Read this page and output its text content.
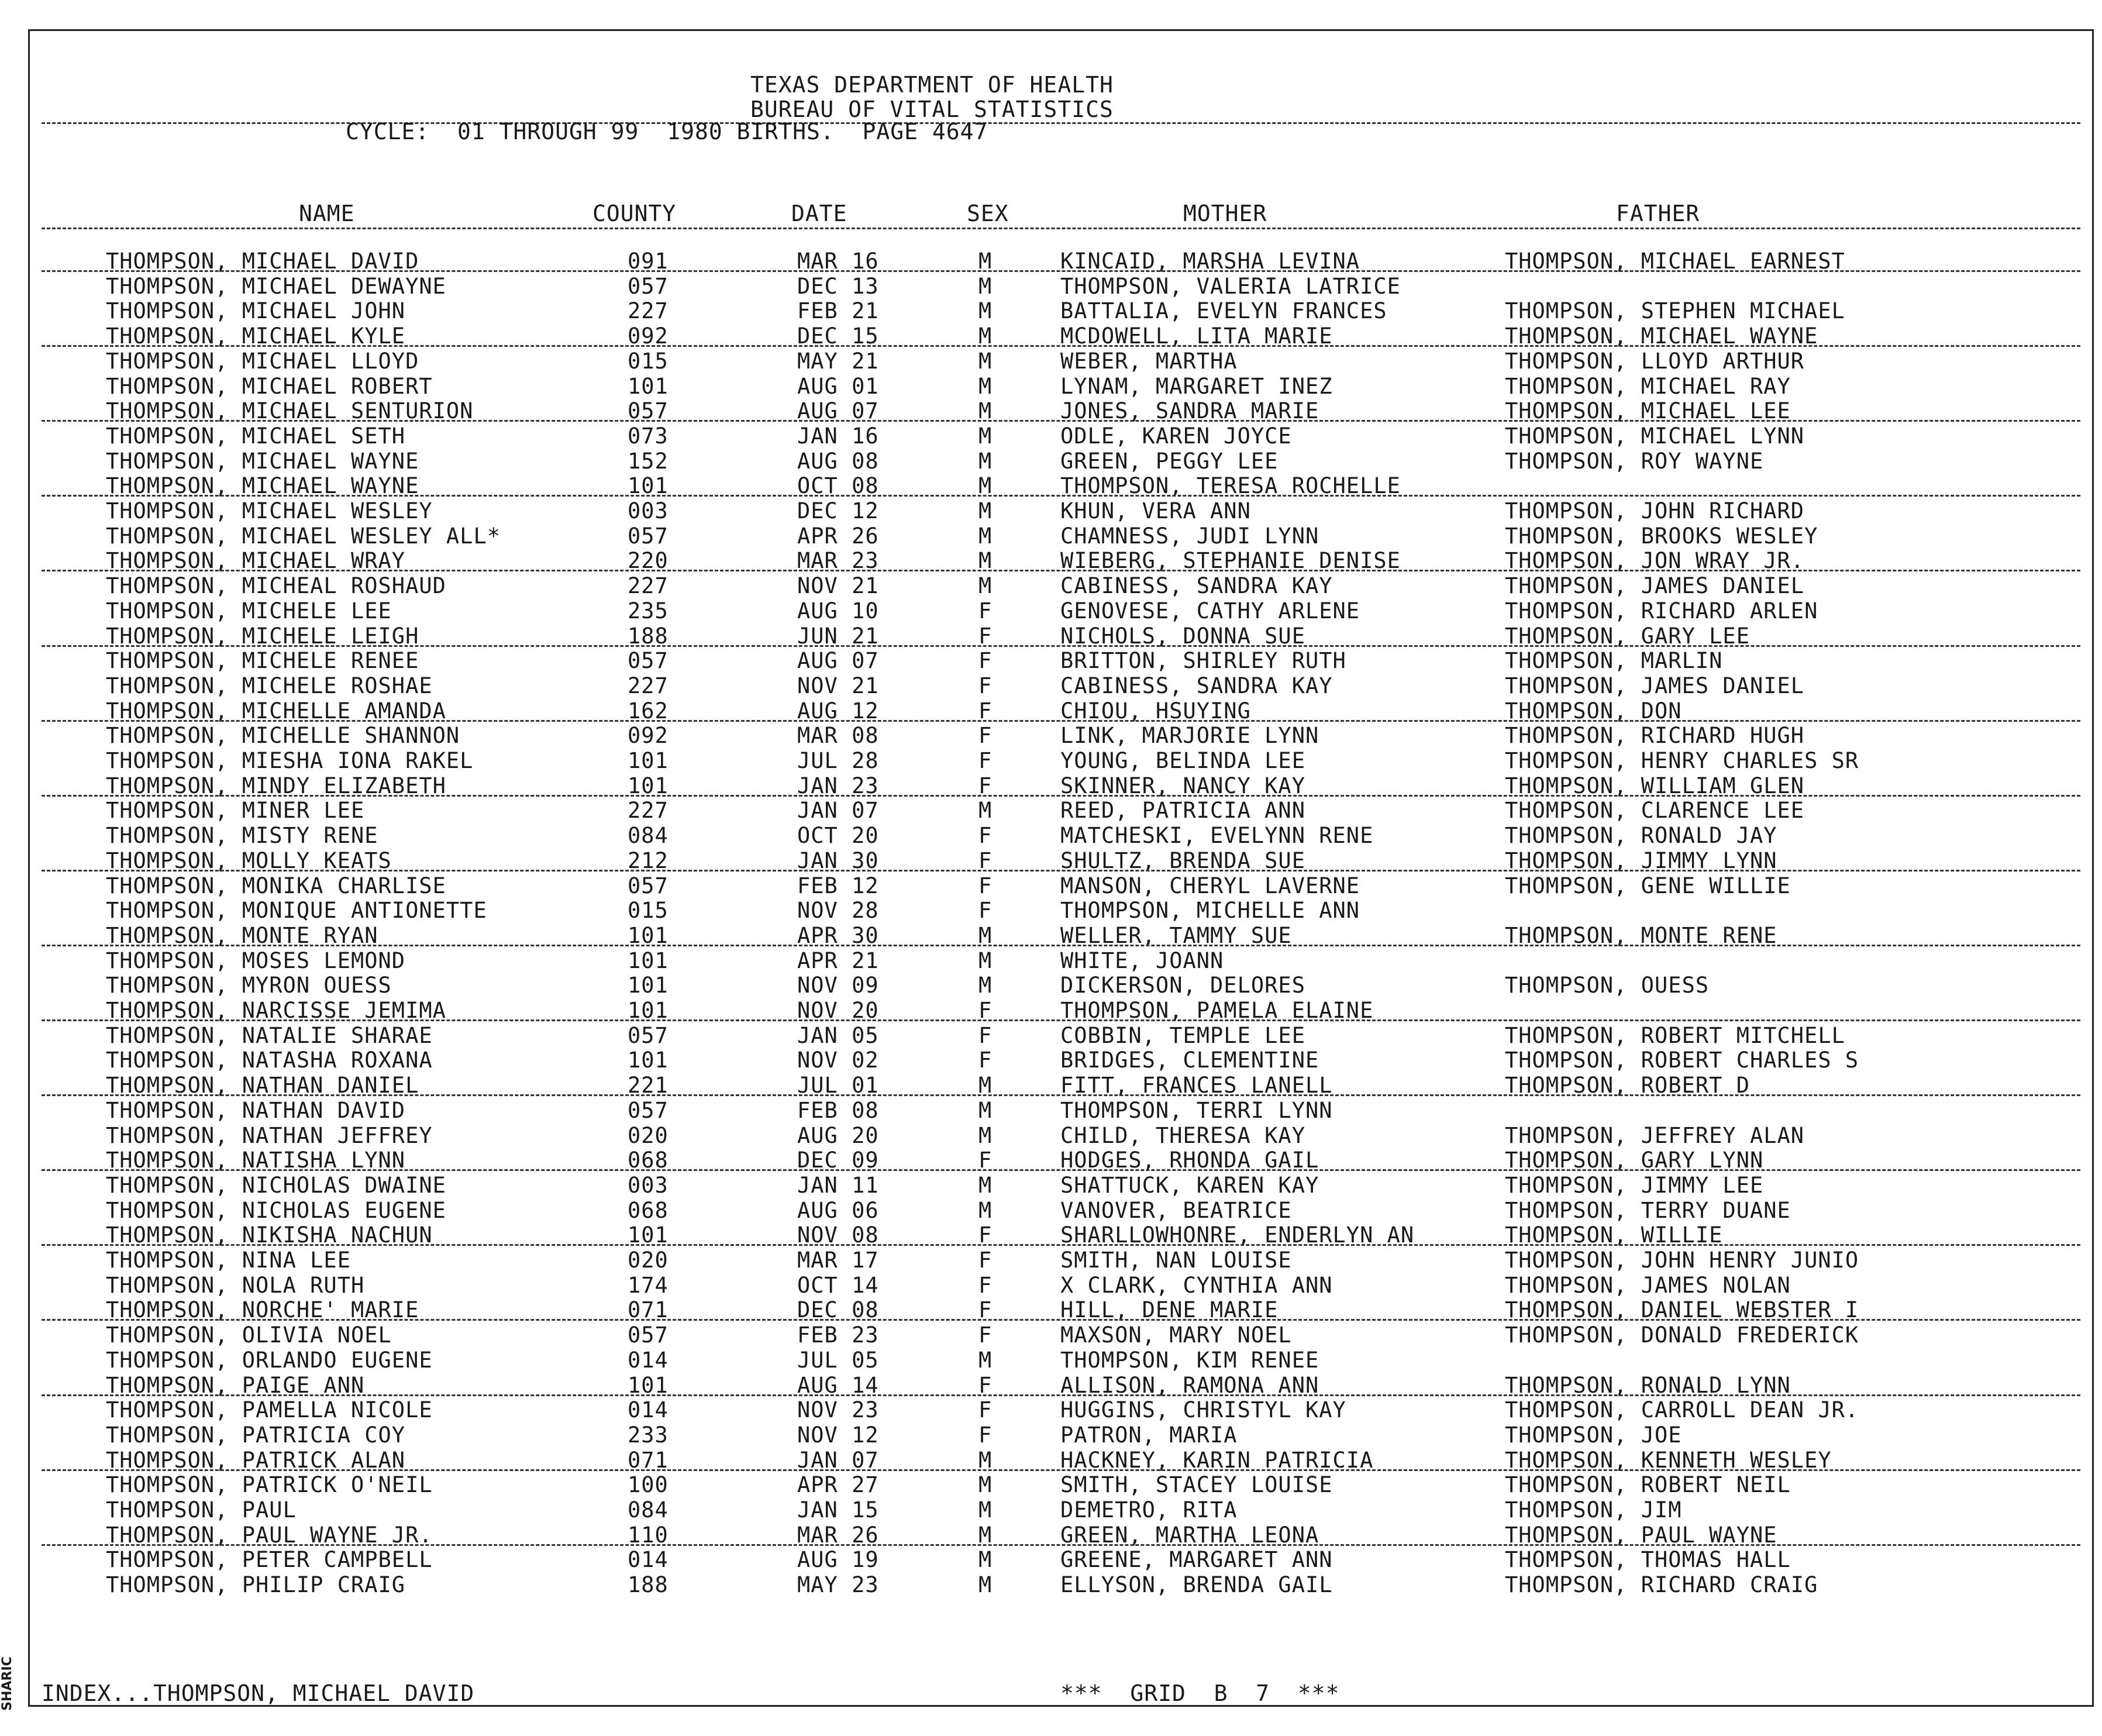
SHARIC
TEXAS DEPARTMENT OF HEALTH
BUREAU OF VITAL STATISTICS
CYCLE:  01 THROUGH 99  1980 BIRTHS.  PAGE 4647
NAME	COUNTY	DATE	SEX	MOTHER	FATHER
THOMPSON, MICHAEL DAVID	091	MAR 16	M	KINCAID, MARSHA LEVINA	THOMPSON, MICHAEL EARNEST
THOMPSON, MICHAEL DEWAYNE	057	DEC 13	M	THOMPSON, VALERIA LATRICE
THOMPSON, MICHAEL JOHN	227	FEB 21	M	BATTALIA, EVELYN FRANCES	THOMPSON, STEPHEN MICHAEL
THOMPSON, MICHAEL KYLE	092	DEC 15	M	MCDOWELL, LITA MARIE	THOMPSON, MICHAEL WAYNE
THOMPSON, MICHAEL LLOYD	015	MAY 21	M	WEBER, MARTHA	THOMPSON, LLOYD ARTHUR
THOMPSON, MICHAEL ROBERT	101	AUG 01	M	LYNAM, MARGARET INEZ	THOMPSON, MICHAEL RAY
THOMPSON, MICHAEL SENTURION	057	AUG 07	M	JONES, SANDRA MARIE	THOMPSON, MICHAEL LEE
THOMPSON, MICHAEL SETH	073	JAN 16	M	ODLE, KAREN JOYCE	THOMPSON, MICHAEL LYNN
THOMPSON, MICHAEL WAYNE	152	AUG 08	M	GREEN, PEGGY LEE	THOMPSON, ROY WAYNE
THOMPSON, MICHAEL WAYNE	101	OCT 08	M	THOMPSON, TERESA ROCHELLE
THOMPSON, MICHAEL WESLEY	003	DEC 12	M	KHUN, VERA ANN	THOMPSON, JOHN RICHARD
THOMPSON, MICHAEL WESLEY ALL*	057	APR 26	M	CHAMNESS, JUDI LYNN	THOMPSON, BROOKS WESLEY
THOMPSON, MICHAEL WRAY	220	MAR 23	M	WIEBERG, STEPHANIE DENISE	THOMPSON, JON WRAY JR.
THOMPSON, MICHEAL ROSHAUD	227	NOV 21	M	CABINESS, SANDRA KAY	THOMPSON, JAMES DANIEL
THOMPSON, MICHELE LEE	235	AUG 10	F	GENOVESE, CATHY ARLENE	THOMPSON, RICHARD ARLEN
THOMPSON, MICHELE LEIGH	188	JUN 21	F	NICHOLS, DONNA SUE	THOMPSON, GARY LEE
THOMPSON, MICHELE RENEE	057	AUG 07	F	BRITTON, SHIRLEY RUTH	THOMPSON, MARLIN
THOMPSON, MICHELE ROSHAE	227	NOV 21	F	CABINESS, SANDRA KAY	THOMPSON, JAMES DANIEL
THOMPSON, MICHELLE AMANDA	162	AUG 12	F	CHIOU, HSUYING	THOMPSON, DON
THOMPSON, MICHELLE SHANNON	092	MAR 08	F	LINK, MARJORIE LYNN	THOMPSON, RICHARD HUGH
THOMPSON, MIESHA IONA RAKEL	101	JUL 28	F	YOUNG, BELINDA LEE	THOMPSON, HENRY CHARLES SR
THOMPSON, MINDY ELIZABETH	101	JAN 23	F	SKINNER, NANCY KAY	THOMPSON, WILLIAM GLEN
THOMPSON, MINER LEE	227	JAN 07	M	REED, PATRICIA ANN	THOMPSON, CLARENCE LEE
THOMPSON, MISTY RENE	084	OCT 20	F	MATCHESKI, EVELYNN RENE	THOMPSON, RONALD JAY
THOMPSON, MOLLY KEATS	212	JAN 30	F	SHULTZ, BRENDA SUE	THOMPSON, JIMMY LYNN
THOMPSON, MONIKA CHARLISE	057	FEB 12	F	MANSON, CHERYL LAVERNE	THOMPSON, GENE WILLIE
THOMPSON, MONIQUE ANTIONETTE	015	NOV 28	F	THOMPSON, MICHELLE ANN
THOMPSON, MONTE RYAN	101	APR 30	M	WELLER, TAMMY SUE	THOMPSON, MONTE RENE
THOMPSON, MOSES LEMOND	101	APR 21	M	WHITE, JOANN
THOMPSON, MYRON OUESS	101	NOV 09	M	DICKERSON, DELORES	THOMPSON, OUESS
THOMPSON, NARCISSE JEMIMA	101	NOV 20	F	THOMPSON, PAMELA ELAINE
THOMPSON, NATALIE SHARAE	057	JAN 05	F	COBBIN, TEMPLE LEE	THOMPSON, ROBERT MITCHELL
THOMPSON, NATASHA ROXANA	101	NOV 02	F	BRIDGES, CLEMENTINE	THOMPSON, ROBERT CHARLES S
THOMPSON, NATHAN DANIEL	221	JUL 01	M	FITT, FRANCES LANELL	THOMPSON, ROBERT D
THOMPSON, NATHAN DAVID	057	FEB 08	M	THOMPSON, TERRI LYNN
THOMPSON, NATHAN JEFFREY	020	AUG 20	M	CHILD, THERESA KAY	THOMPSON, JEFFREY ALAN
THOMPSON, NATISHA LYNN	068	DEC 09	F	HODGES, RHONDA GAIL	THOMPSON, GARY LYNN
THOMPSON, NICHOLAS DWAINE	003	JAN 11	M	SHATTUCK, KAREN KAY	THOMPSON, JIMMY LEE
THOMPSON, NICHOLAS EUGENE	068	AUG 06	M	VANOVER, BEATRICE	THOMPSON, TERRY DUANE
THOMPSON, NIKISHA NACHUN	101	NOV 08	F	SHARLLOWHONRE, ENDERLYN AN	THOMPSON, WILLIE
THOMPSON, NINA LEE	020	MAR 17	F	SMITH, NAN LOUISE	THOMPSON, JOHN HENRY JUNIO
THOMPSON, NOLA RUTH	174	OCT 14	F	X CLARK, CYNTHIA ANN	THOMPSON, JAMES NOLAN
THOMPSON, NORCHE' MARIE	071	DEC 08	F	HILL, DENE MARIE	THOMPSON, DANIEL WEBSTER I
THOMPSON, OLIVIA NOEL	057	FEB 23	F	MAXSON, MARY NOEL	THOMPSON, DONALD FREDERICK
THOMPSON, ORLANDO EUGENE	014	JUL 05	M	THOMPSON, KIM RENEE
THOMPSON, PAIGE ANN	101	AUG 14	F	ALLISON, RAMONA ANN	THOMPSON, RONALD LYNN
THOMPSON, PAMELLA NICOLE	014	NOV 23	F	HUGGINS, CHRISTYL KAY	THOMPSON, CARROLL DEAN JR.
THOMPSON, PATRICIA COY	233	NOV 12	F	PATRON, MARIA	THOMPSON, JOE
THOMPSON, PATRICK ALAN	071	JAN 07	M	HACKNEY, KARIN PATRICIA	THOMPSON, KENNETH WESLEY
THOMPSON, PATRICK O'NEIL	100	APR 27	M	SMITH, STACEY LOUISE	THOMPSON, ROBERT NEIL
THOMPSON, PAUL	084	JAN 15	M	DEMETRO, RITA	THOMPSON, JIM
THOMPSON, PAUL WAYNE JR.	110	MAR 26	M	GREEN, MARTHA LEONA	THOMPSON, PAUL WAYNE
THOMPSON, PETER CAMPBELL	014	AUG 19	M	GREENE, MARGARET ANN	THOMPSON, THOMAS HALL
THOMPSON, PHILIP CRAIG	188	MAY 23	M	ELLYSON, BRENDA GAIL	THOMPSON, RICHARD CRAIG
INDEX...THOMPSON, MICHAEL DAVID	***  GRID  B  7  ***
